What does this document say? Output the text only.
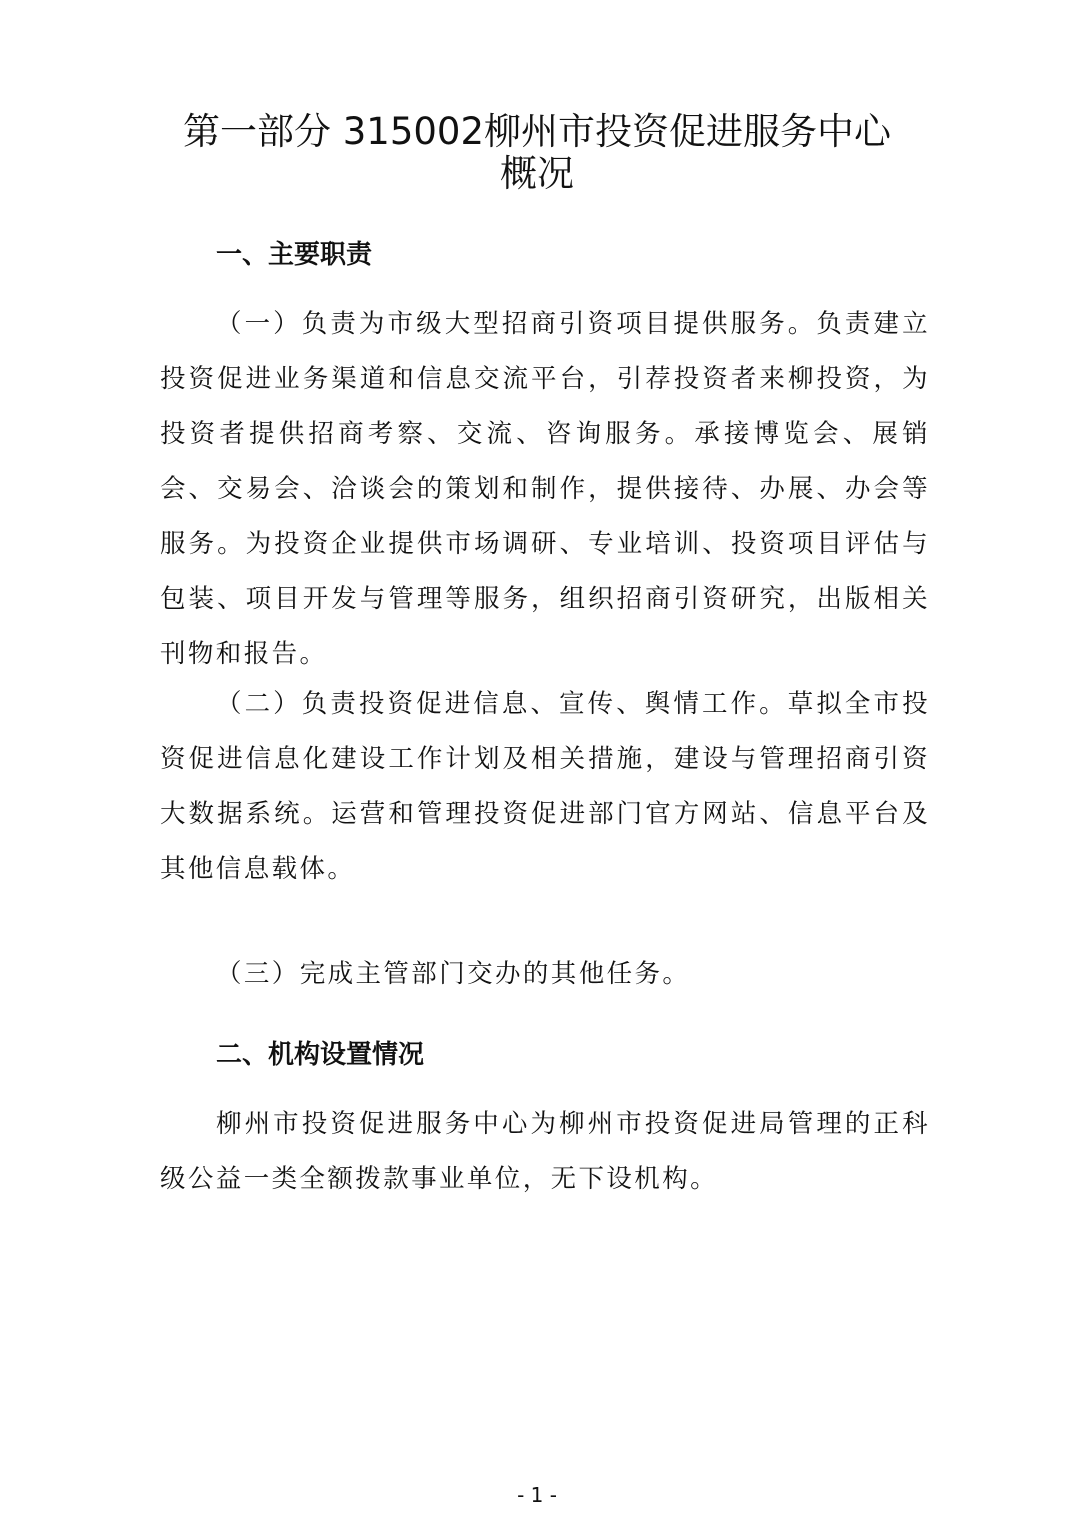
第一部分 315002柳州市投资促进服务中心
概况
一、主要职责

（一）负责为市级大型招商引资项目提供服务。负责建立投资促进业务渠道和信息交流平台，引荐投资者来柳投资，为投资者提供招商考察、交流、咨询服务。承接博览会、展销会、交易会、洽谈会的策划和制作，提供接待、办展、办会等服务。为投资企业提供市场调研、专业培训、投资项目评估与包装、项目开发与管理等服务，组织招商引资研究，出版相关刊物和报告。

（二）负责投资促进信息、宣传、舆情工作。草拟全市投资促进信息化建设工作计划及相关措施，建设与管理招商引资大数据系统。运营和管理投资促进部门官方网站、信息平台及其他信息载体。

（三）完成主管部门交办的其他任务。

二、机构设置情况

柳州市投资促进服务中心为柳州市投资促进局管理的正科级公益一类全额拨款事业单位，无下设机构。

- 1 -
